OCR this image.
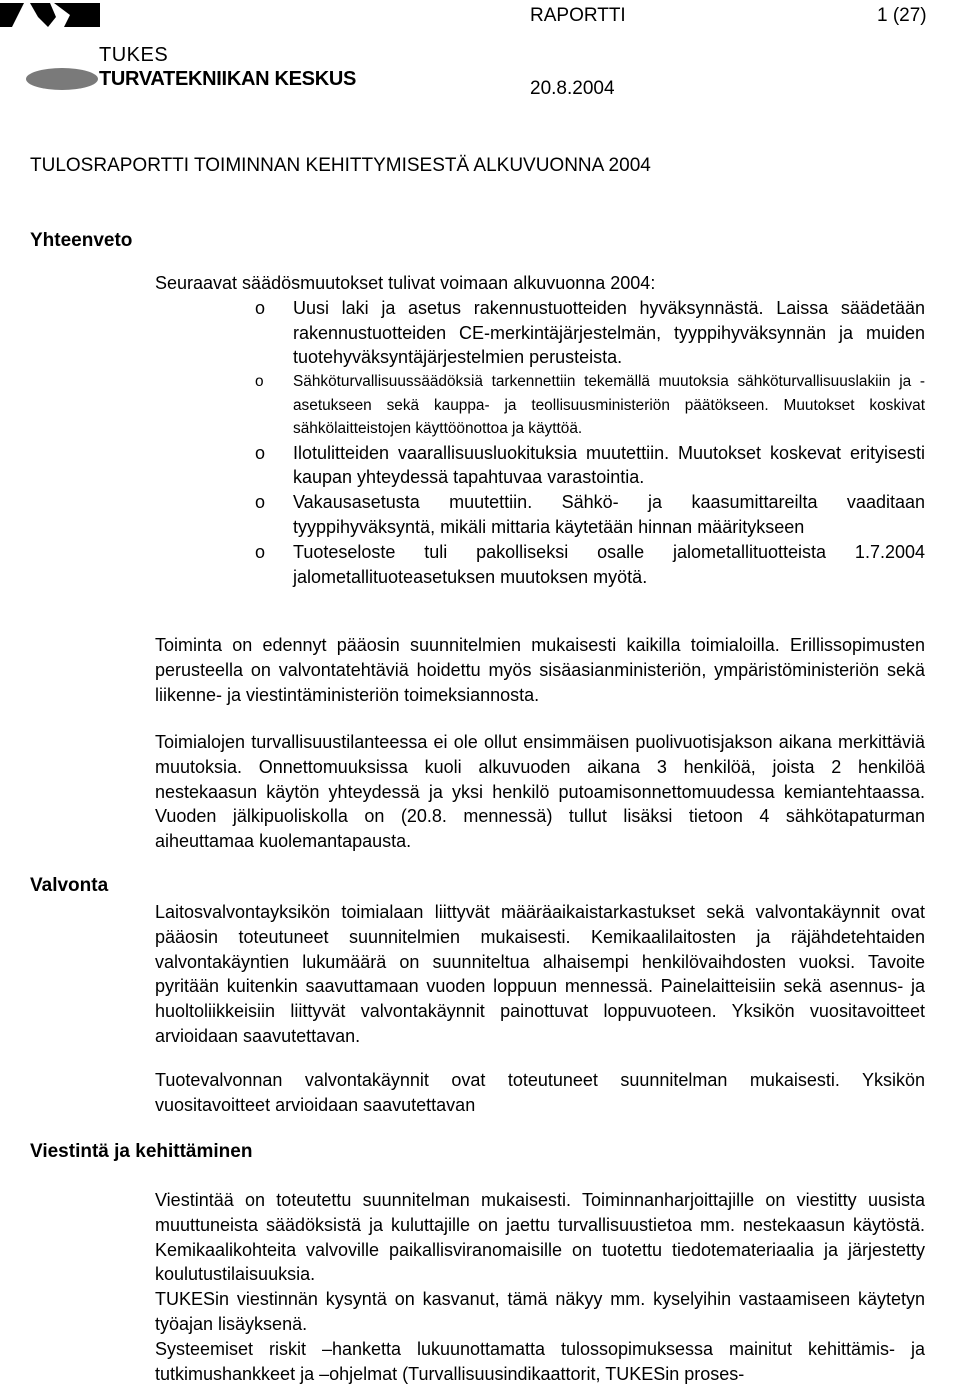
TUKES
TURVATEKNIIKAN KESKUS
RAPORTTI	1 (27)
20.8.2004
TULOSRAPORTTI TOIMINNAN KEHITTYMISESTÄ ALKUVUONNA 2004
Yhteenveto

Seuraavat säädösmuutokset tulivat voimaan alkuvuonna 2004:

o Uusi laki ja asetus rakennustuotteiden hyväksynnästä. Laissa säädetään rakennustuotteiden CE-merkintäjärjestelmän, tyyppihyväksynnän ja muiden tuotehyväksyntäjärjestelmien perusteista.
o Sähköturvallisuussäädöksiä tarkennettiin tekemällä muutoksia sähköturvallisuuslakiin ja -asetukseen sekä kauppa- ja teollisuusministeriön päätökseen. Muutokset koskivat sähkölaitteistojen käyttöönottoa ja käyttöä.
o Ilotulitteiden vaarallisuusluokituksia muutettiin. Muutokset koskevat erityisesti kaupan yhteydessä tapahtuvaa varastointia.
o Vakausasetusta muutettiin. Sähkö- ja kaasumittareilta vaaditaan tyyppihyväksyntä, mikäli mittaria käytetään hinnan määritykseen
o Tuoteseloste tuli pakolliseksi osalle jalometallituotteista 1.7.2004 jalometallituoteasetuksen muutoksen myötä.

Toiminta on edennyt pääosin suunnitelmien mukaisesti kaikilla toimialoilla. Erillissopimusten perusteella on valvontatehtäviä hoidettu myös sisäasianministeriön, ympäristöministeriön sekä liikenne- ja viestintäministeriön toimeksiannosta.

Toimialojen turvallisuustilanteessa ei ole ollut ensimmäisen puolivuotisjakson aikana merkittäviä muutoksia. Onnettomuuksissa kuoli alkuvuoden aikana 3 henkilöä, joista 2 henkilöä nestekaasun käytön yhteydessä ja yksi henkilö putoamisonnettomuudessa kemiantehtaassa. Vuoden jälkipuoliskolla on (20.8. mennessä) tullut lisäksi tietoon 4 sähkötapaturman aiheuttamaa kuolemantapausta.

Valvonta

Laitosvalvontayksikön toimialaan liittyvät määräaikaistarkastukset sekä valvontakäynnit ovat pääosin toteutuneet suunnitelmien mukaisesti. Kemikaalilaitosten ja räjähdetehtaiden valvontakäyntien lukumäärä on suunniteltua alhaisempi henkilövaihdosten vuoksi. Tavoite pyritään kuitenkin saavuttamaan vuoden loppuun mennessä. Painelaitteisiin sekä asennus- ja huoltoliikkeisiin liittyvät valvontakäynnit painottuvat loppuvuoteen. Yksikön vuositavoitteet arvioidaan saavutettavan.

Tuotevalvonnan valvontakäynnit ovat toteutuneet suunnitelman mukaisesti. Yksikön vuositavoitteet arvioidaan saavutettavan

Viestintä ja kehittäminen

Viestintää on toteutettu suunnitelman mukaisesti. Toiminnanharjoittajille on viestitty uusista muuttuneista säädöksistä ja kuluttajille on jaettu turvallisuustietoa mm. nestekaasun käytöstä. Kemikaalikohteita valvoville paikallisviranomaisille on tuotettu tiedotemateriaalia ja järjestetty koulutustilaisuuksia.

TUKESin viestinnän kysyntä on kasvanut, tämä näkyy mm. kyselyihin vastaamiseen käytetyn työajan lisäyksenä.

Systeemiset riskit –hanketta lukuunottamatta tulossopimuksessa mainitut kehittämis- ja tutkimushankkeet ja –ohjelmat (Turvallisuusindikaattorit, TUKESin proses-
